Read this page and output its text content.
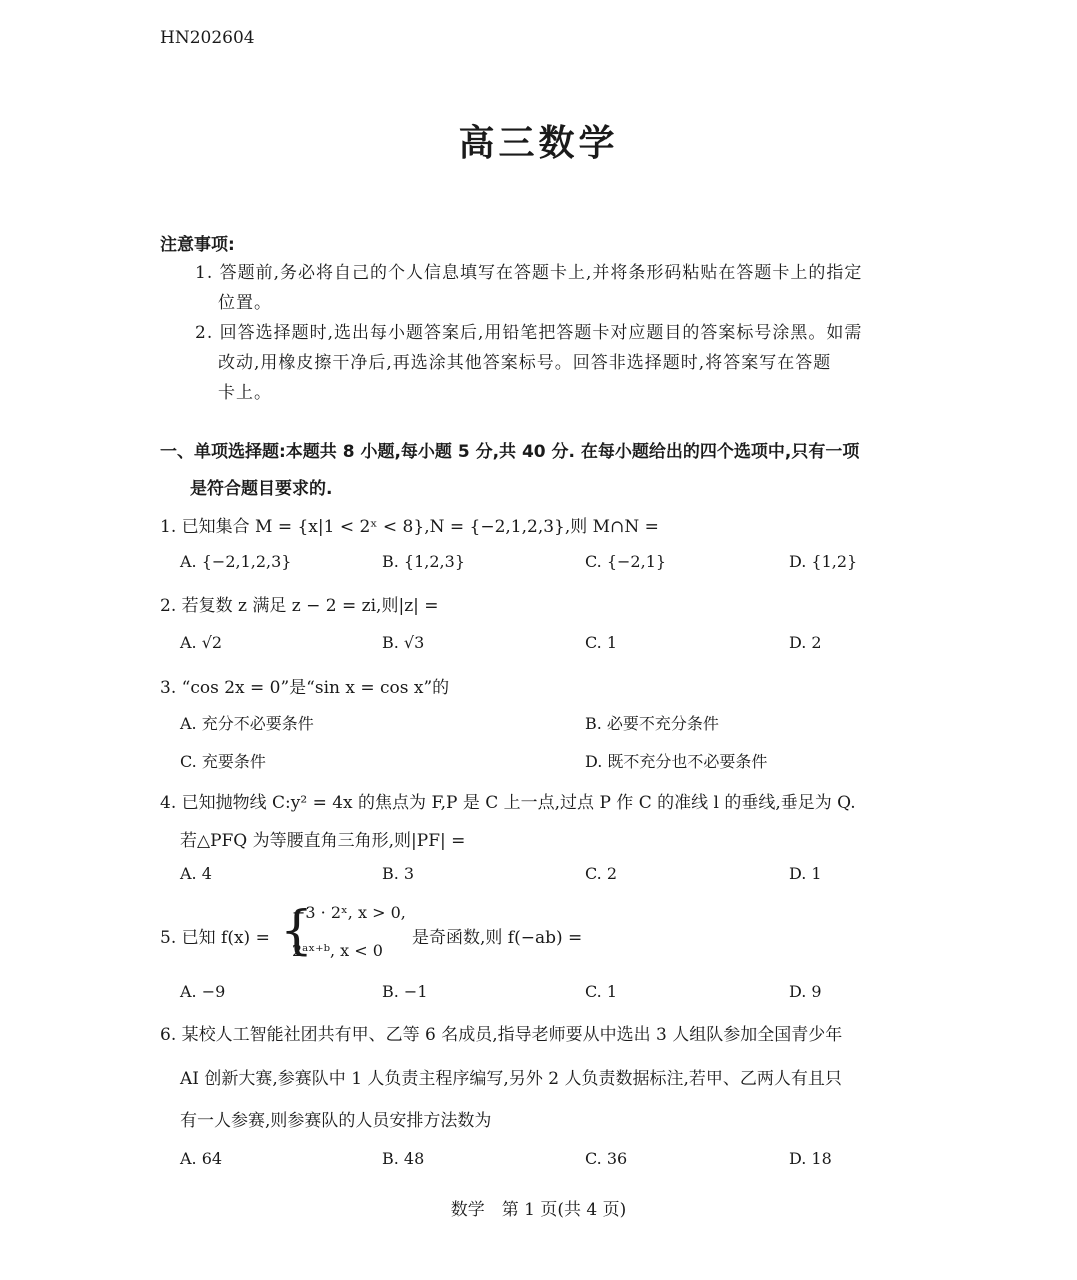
HN202604
高三数学
注意事项:
1. 答题前,务必将自己的个人信息填写在答题卡上,并将条形码粘贴在答题卡上的指定
位置。
2. 回答选择题时,选出每小题答案后,用铅笔把答题卡对应题目的答案标号涂黑。如需
改动,用橡皮擦干净后,再选涂其他答案标号。回答非选择题时,将答案写在答题
卡上。
一、单项选择题:本题共 8 小题,每小题 5 分,共 40 分. 在每小题给出的四个选项中,只有一项
是符合题目要求的.
1. 已知集合 M = {x|1 < 2ˣ < 8},N = {−2,1,2,3},则 M∩N =
A. {−2,1,2,3}	B. {1,2,3}	C. {−2,1}	D. {1,2}
2. 若复数 z 满足 z − 2 = zi,则|z| =
A. √2	B. √3	C. 1	D. 2
3. “cos 2x = 0”是“sin x = cos x”的
A. 充分不必要条件	B. 必要不充分条件
C. 充要条件	D. 既不充分也不必要条件
4. 已知抛物线 C:y² = 4x 的焦点为 F,P 是 C 上一点,过点 P 作 C 的准线 l 的垂线,垂足为 Q.
若△PFQ 为等腰直角三角形,则|PF| =
A. 4	B. 3	C. 2	D. 1
5. 已知 f(x) = {
−3 · 2ˣ, x > 0,
2ᵃˣ⁺ᵇ, x < 0
是奇函数,则 f(−ab) =
A. −9	B. −1	C. 1	D. 9
6. 某校人工智能社团共有甲、乙等 6 名成员,指导老师要从中选出 3 人组队参加全国青少年
AI 创新大赛,参赛队中 1 人负责主程序编写,另外 2 人负责数据标注,若甲、乙两人有且只
有一人参赛,则参赛队的人员安排方法数为
A. 64	B. 48	C. 36	D. 18
数学　第 1 页(共 4 页)
